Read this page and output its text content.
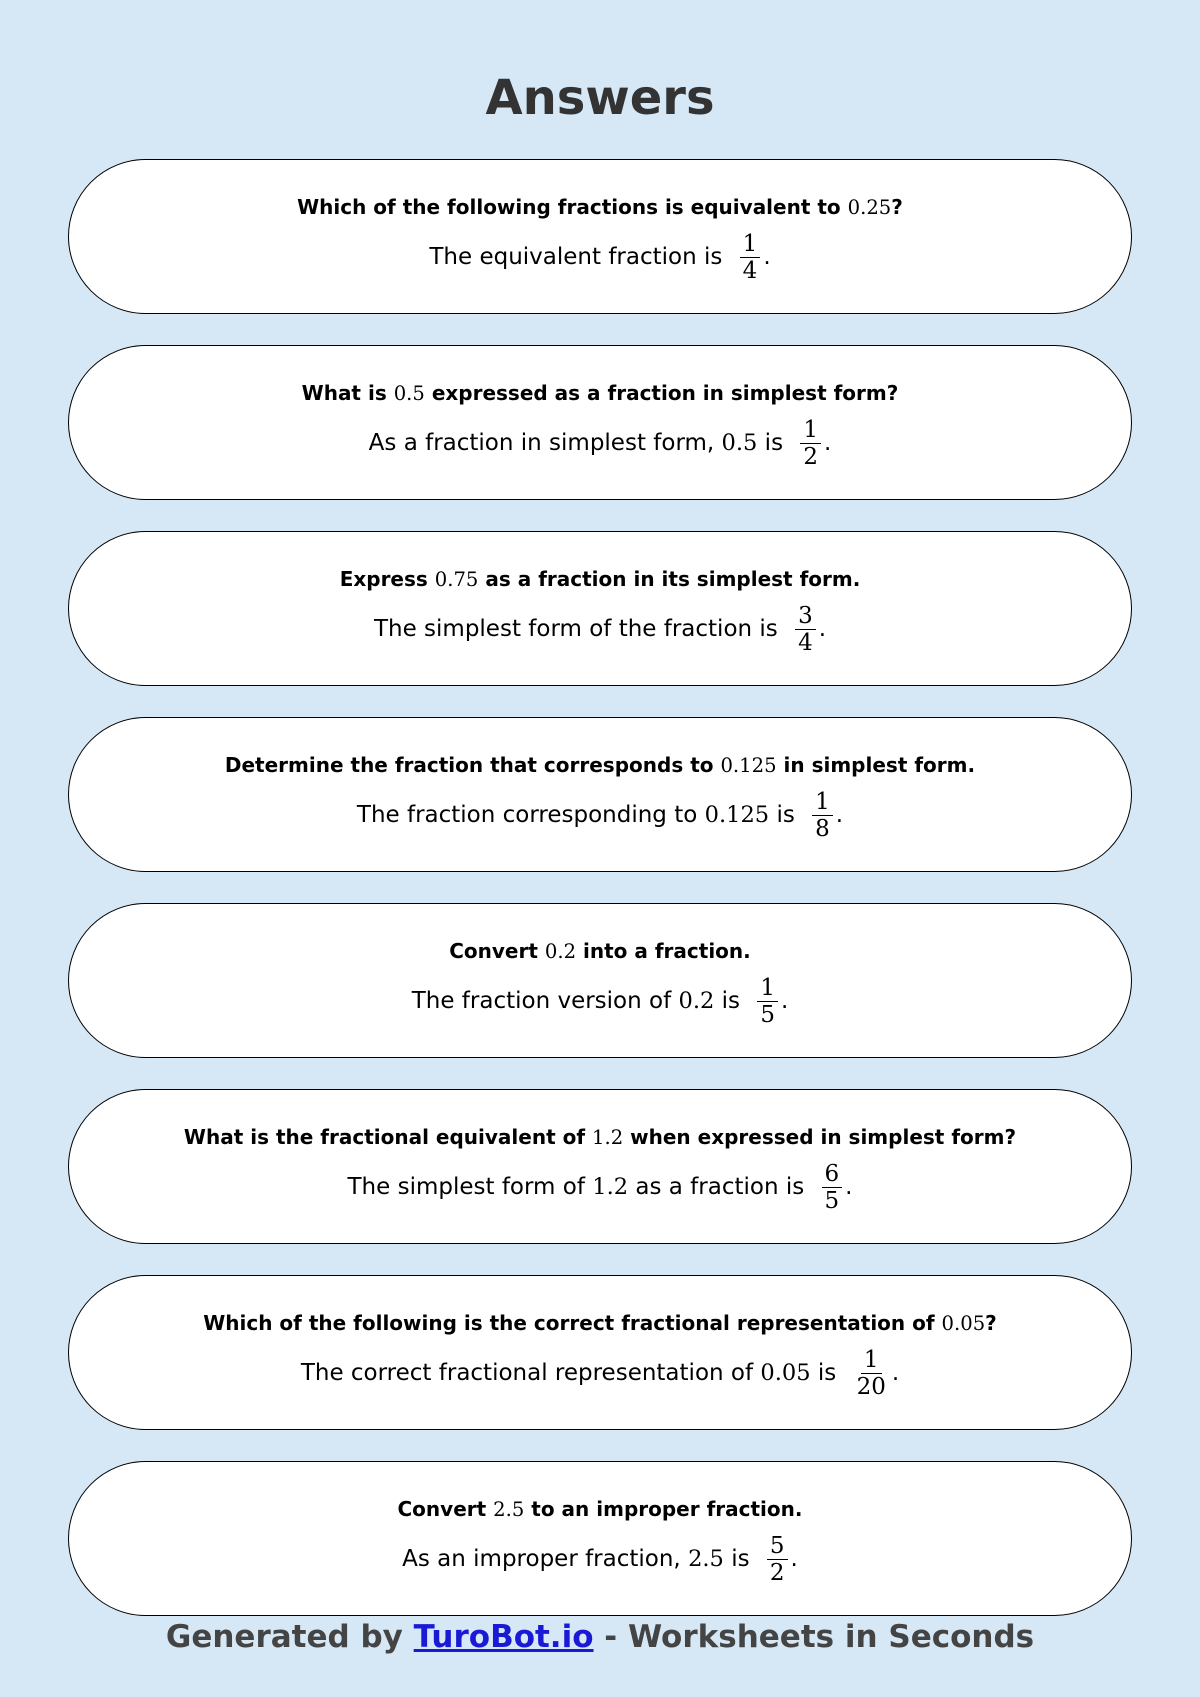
Answers
Which of the following fractions is equivalent to 0.25?
The equivalent fraction is $\frac{1}{4}$ .
What is 0.5 expressed as a fraction in simplest form?
As a fraction in simplest form, 0.5 is $\frac{1}{2}$ .
Express 0.75 as a fraction in its simplest form.
The simplest form of the fraction is $\frac{3}{4}$ .
Determine the fraction that corresponds to 0.125 in simplest form.
The fraction corresponding to 0.125 is $\frac{1}{8}$ .
Convert 0.2 into a fraction.
The fraction version of 0.2 is $\frac{1}{5}$ .
What is the fractional equivalent of 1.2 when expressed in simplest form?
The simplest form of 1.2 as a fraction is $\frac{6}{5}$ .
Which of the following is the correct fractional representation of 0.05?
The correct fractional representation of 0.05 is $\frac{1}{20}$ .
Convert 2.5 to an improper fraction.
As an improper fraction, 2.5 is $\frac{5}{2}$ .
Generated by TuroBot.io - Worksheets in Seconds
